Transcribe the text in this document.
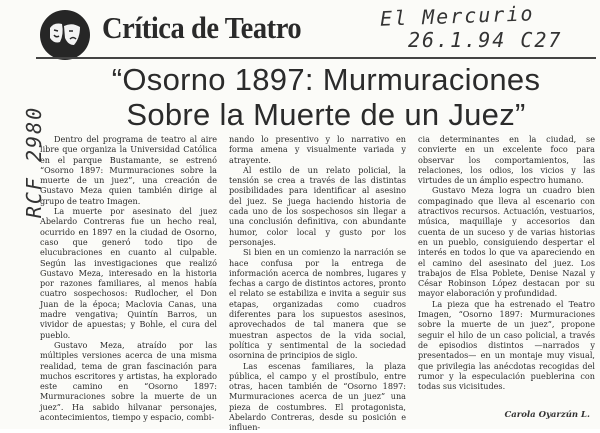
Crítica de Teatro	El Mercurio
26.1.94 C27
RCF 2980
“Osorno 1897: Murmuraciones
Sobre la Muerte de un Juez”

Dentro del programa de teatro al aire libre que organiza la Universidad Católica en el parque Bustamante, se estrenó “Osorno 1897: Murmuraciones sobre la muerte de un juez”, una creación de Gustavo Meza quien también dirige al grupo de teatro Imagen.

La muerte por asesinato del juez Abelardo Contreras fue un hecho real, ocurrido en 1897 en la ciudad de Osorno, caso que generó todo tipo de elucubraciones en cuanto al culpable. Según las investigaciones que realizó Gustavo Meza, interesado en la historia por razones familiares, al menos había cuatro sospechosos: Rudlocher, el Don Juan de la época; Maclovia Canas, una madre vengativa; Quintín Barros, un vividor de apuestas; y Bohle, el cura del pueblo.

Gustavo Meza, atraído por las múltiples versiones acerca de una misma realidad, tema de gran fascinación para muchos escritores y artistas, ha explorado este camino en “Osorno 1897: Murmuraciones sobre la muerte de un juez”. Ha sabido hilvanar personajes, acontecimientos, tiempo y espacio, combi-

nando lo presentivo y lo narrativo en forma amena y visualmente variada y atrayente.

Al estilo de un relato policial, la tensión se crea a través de las distintas posibilidades para identificar al asesino del juez. Se juega haciendo historia de cada uno de los sospechosos sin llegar a una conclusión definitiva, con abundante humor, color local y gusto por los personajes.

Si bien en un comienzo la narración se hace confusa por la entrega de información acerca de nombres, lugares y fechas a cargo de distintos actores, pronto el relato se estabiliza e invita a seguir sus etapas, organizadas como cuadros diferentes para los supuestos asesinos, aprovechados de tal manera que se muestran aspectos de la vida social, política y sentimental de la sociedad osornina de principios de siglo.

Las escenas familiares, la plaza pública, el campo y el prostíbulo, entre otras, hacen también de “Osorno 1897: Murmuraciones acerca de un juez” una pieza de costumbres. El protagonista, Abelardo Contreras, desde su posición e influen-

cia determinantes en la ciudad, se convierte en un excelente foco para observar los comportamientos, las relaciones, los odios, los vicios y las virtudes de un ámplio espectro humano.

Gustavo Meza logra un cuadro bien compaginado que lleva al escenario con atractivos recursos. Actuación, vestuarios, música, maquillaje y accesorios dan cuenta de un suceso y de varias historias en un pueblo, consiguiendo despertar el interés en todos lo que va apareciendo en el camino del asesinato del juez. Los trabajos de Elsa Poblete, Denise Nazal y César Robinson López destacan por su mayor elaboración y profundidad.

La pieza que ha estrenado el Teatro Imagen, “Osorno 1897: Murmuraciones sobre la muerte de un juez”, propone seguir el hilo de un caso policial, a través de episodios distintos —narrados y presentados— en un montaje muy visual, que privilegia las anécdotas recogidas del rumor y la especulación pueblerina con todas sus vicisitudes.

Carola Oyarzún L.
